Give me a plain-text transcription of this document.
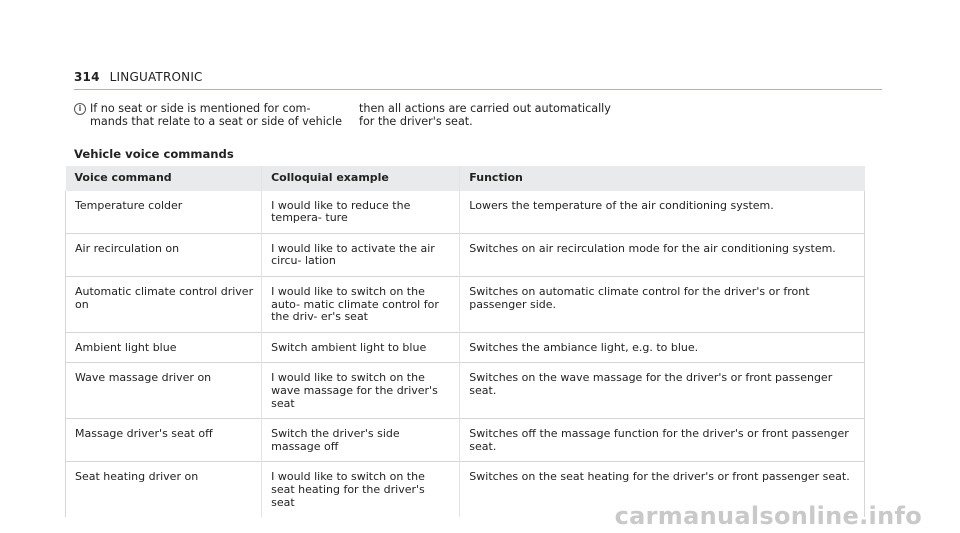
314 LINGUATRONIC
i If no seat or side is mentioned for com- mands that relate to a seat or side of vehicle
then all actions are carried out automatically for the driver's seat.
Vehicle voice commands
Voice command	Colloquial example	Function
Temperature colder	I would like to reduce the tempera- ture	Lowers the temperature of the air conditioning system.
Air recirculation on	I would like to activate the air circu- lation	Switches on air recirculation mode for the air conditioning system.
Automatic climate control driver on	I would like to switch on the auto- matic climate control for the driv- er's seat	Switches on automatic climate control for the driver's or front passenger side.
Ambient light blue	Switch ambient light to blue	Switches the ambiance light, e.g. to blue.
Wave massage driver on	I would like to switch on the wave massage for the driver's seat	Switches on the wave massage for the driver's or front passenger seat.
Massage driver's seat off	Switch the driver's side massage off	Switches off the massage function for the driver's or front passenger seat.
Seat heating driver on	I would like to switch on the seat heating for the driver's seat	Switches on the seat heating for the driver's or front passenger seat.
carmanualsonline.info
